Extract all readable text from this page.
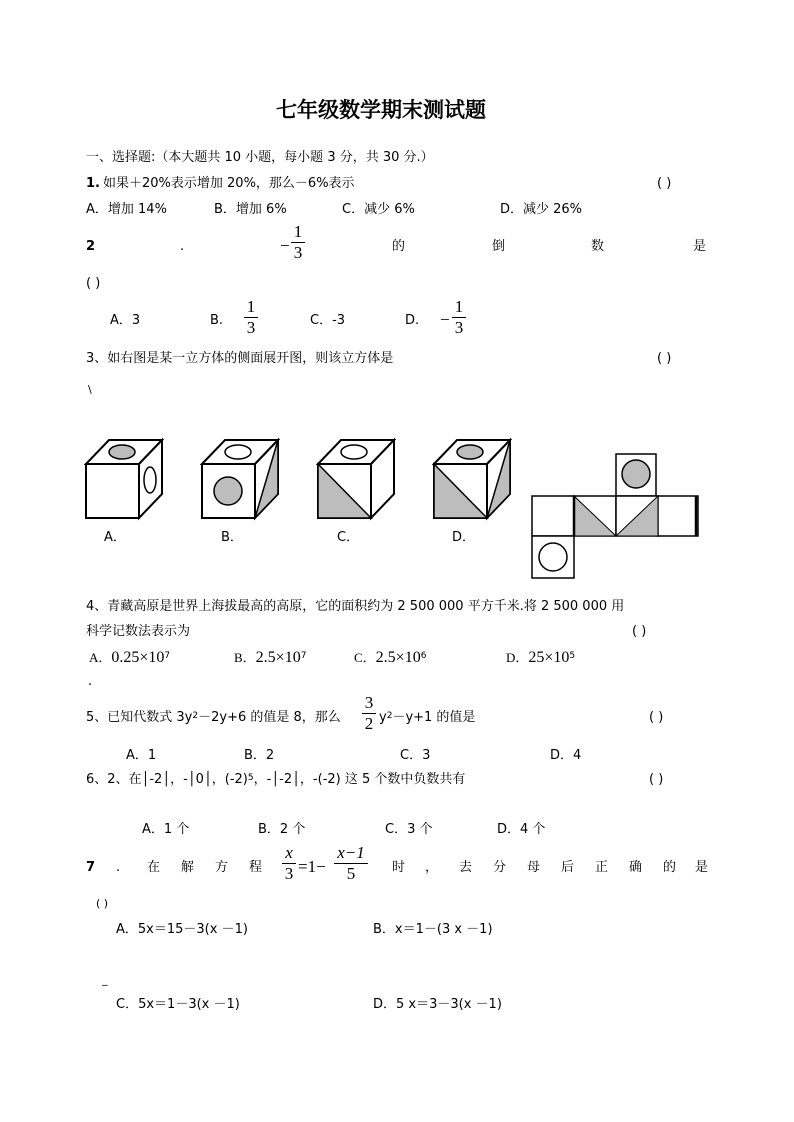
七年级数学期末测试题
一、选择题:（本大题共 10 小题，每小题 3 分，共 30 分.）
1. 如果＋20%表示增加 20%，那么－6%表示	( )
A．增加 14%	B．增加 6%	C．减少 6%	D．减少 26%
2	.	−
1
3	的	倒	数	是
( )
A．3	B.
1
3	C．-3	D. −
1
3
3、如右图是某一立方体的侧面展开图，则该立方体是	( )
\
A．	B．	C．	D．
4、青藏高原是世界上海拔最高的高原，它的面积约为 2 500 000 平方千米.将 2 500 000 用
科学记数法表示为	( )
A．$0.25\times 10^7$	B．$2.5\times 10^7$	C．$2.5\times 10^6$	D．$25\times 10^5$
.
5、已知代数式 $3y^2-2y+6$ 的值是 8，那么
3
2 $y^2-y+1$ 的值是	( )
A．1	B．2	C．3	D．4
6、2、在│-2│，-│0│，$(-2)^5$，-│-2│，-(-2) 这 5 个数中负数共有	( )
A．1 个	B．2 个	C．3 个	D．4 个
7 . 在 解 方 程
x
3 =1−
x−1
5	时 ， 去 分 母 后 正 确 的 是
( )
A．5x＝15－3(x －1)	B．x＝1－(3 x －1)
_
C．5x＝1－3(x －1)	D．5 x＝3－3(x －1)
